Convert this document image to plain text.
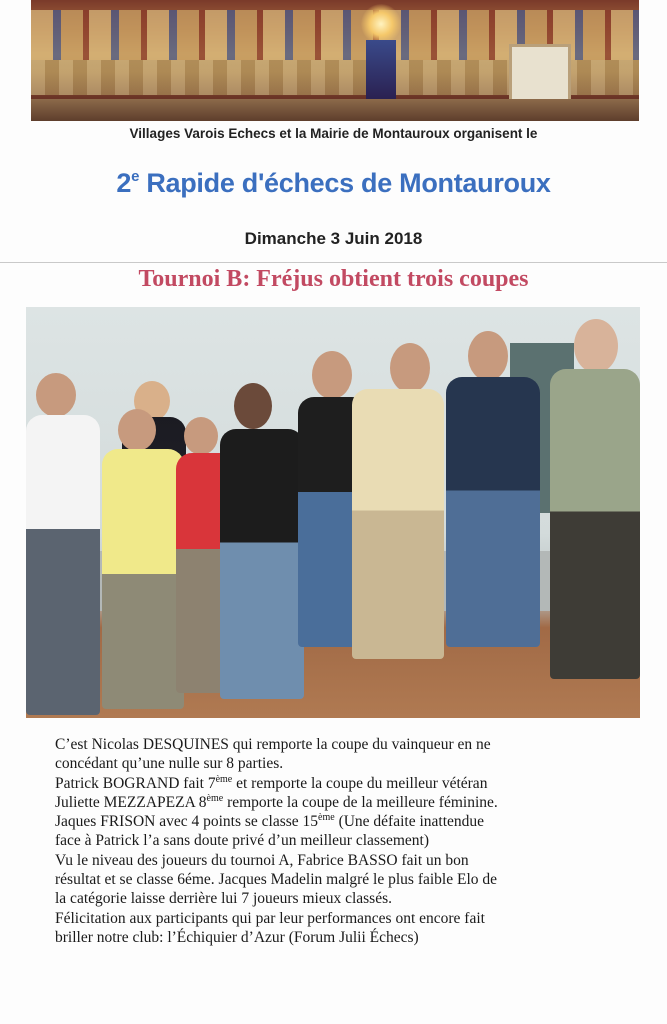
Villages Varois Echecs et la Mairie de Montauroux organisent le
2e Rapide d'échecs de Montauroux
Dimanche 3 Juin 2018
Tournoi B: Fréjus obtient trois coupes

C’est Nicolas DESQUINES qui remporte la coupe du vainqueur en ne

concédant qu’une nulle sur 8 parties.

Patrick BOGRAND fait 7ème et remporte la coupe du meilleur vétéran

Juliette MEZZAPEZA 8ème remporte la coupe de la meilleure féminine.

Jaques FRISON avec 4 points se classe 15ème (Une défaite inattendue

face à Patrick l’a sans doute privé d’un meilleur classement)

Vu le niveau des joueurs du tournoi A, Fabrice BASSO fait un bon

résultat et se classe 6éme. Jacques Madelin malgré le plus faible Elo de

la catégorie laisse derrière lui 7 joueurs mieux classés.

Félicitation aux participants qui par leur performances ont encore fait

briller notre club: l’Échiquier d’Azur (Forum Julii Échecs)
